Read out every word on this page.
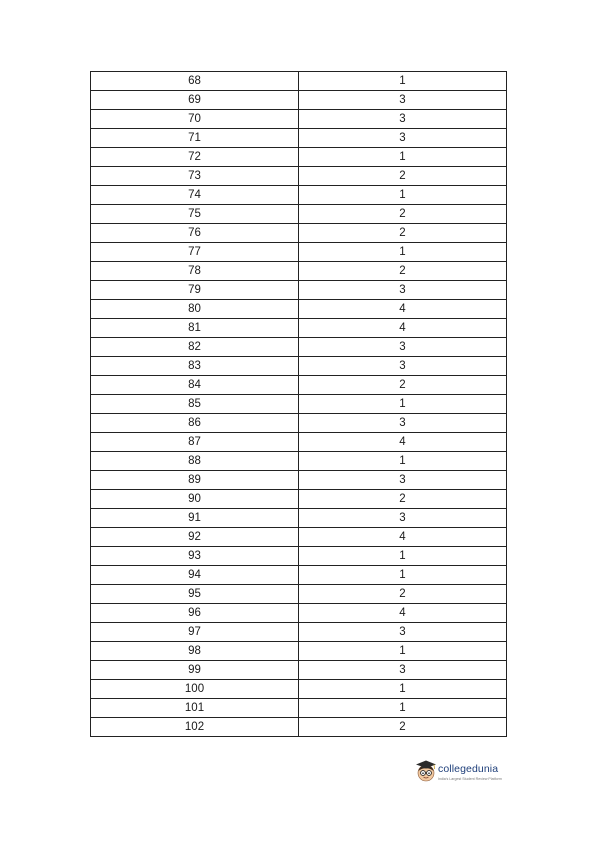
68	1
69	3
70	3
71	3
72	1
73	2
74	1
75	2
76	2
77	1
78	2
79	3
80	4
81	4
82	3
83	3
84	2
85	1
86	3
87	4
88	1
89	3
90	2
91	3
92	4
93	1
94	1
95	2
96	4
97	3
98	1
99	3
100	1
101	1
102	2
collegedunia
India's Largest Student Review Platform
